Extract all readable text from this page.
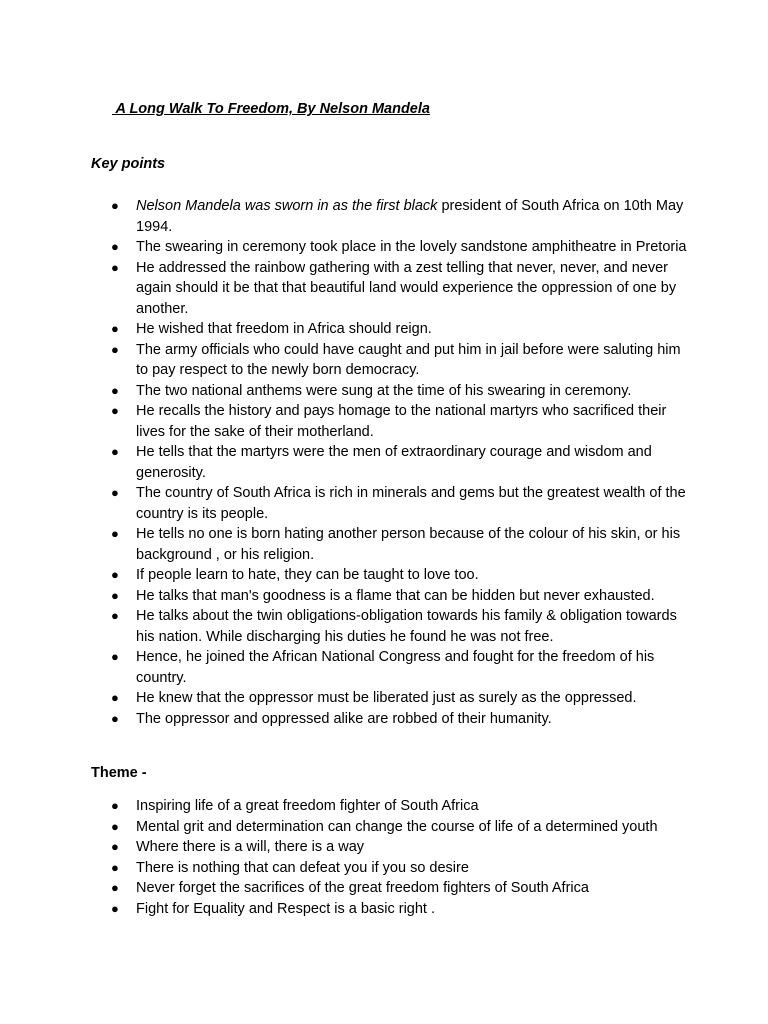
A Long Walk To Freedom, By Nelson Mandela

Key points

● Nelson Mandela was sworn in as the first black president of South Africa on 10th May 1994.
● The swearing in ceremony took place in the lovely sandstone amphitheatre in Pretoria
● He addressed the rainbow gathering with a zest telling that never, never, and never again should it be that that beautiful land would experience the oppression of one by another.
● He wished that freedom in Africa should reign.
● The army officials who could have caught and put him in jail before were saluting him to pay respect to the newly born democracy.
● The two national anthems were sung at the time of his swearing in ceremony.
● He recalls the history and pays homage to the national martyrs who sacrificed their lives for the sake of their motherland.
● He tells that the martyrs were the men of extraordinary courage and wisdom and generosity.
● The country of South Africa is rich in minerals and gems but the greatest wealth of the country is its people.
● He tells no one is born hating another person because of the colour of his skin, or his background , or his religion.
● If people learn to hate, they can be taught to love too.
● He talks that man's goodness is a flame that can be hidden but never exhausted.
● He talks about the twin obligations-obligation towards his family & obligation towards his nation. While discharging his duties he found he was not free.
● Hence, he joined the African National Congress and fought for the freedom of his country.
● He knew that the oppressor must be liberated just as surely as the oppressed.
● The oppressor and oppressed alike are robbed of their humanity.

Theme -

● Inspiring life of a great freedom fighter of South Africa
● Mental grit and determination can change the course of life of a determined youth
● Where there is a will, there is a way
● There is nothing that can defeat you if you so desire
● Never forget the sacrifices of the great freedom fighters of South Africa
● Fight for Equality and Respect is a basic right .
